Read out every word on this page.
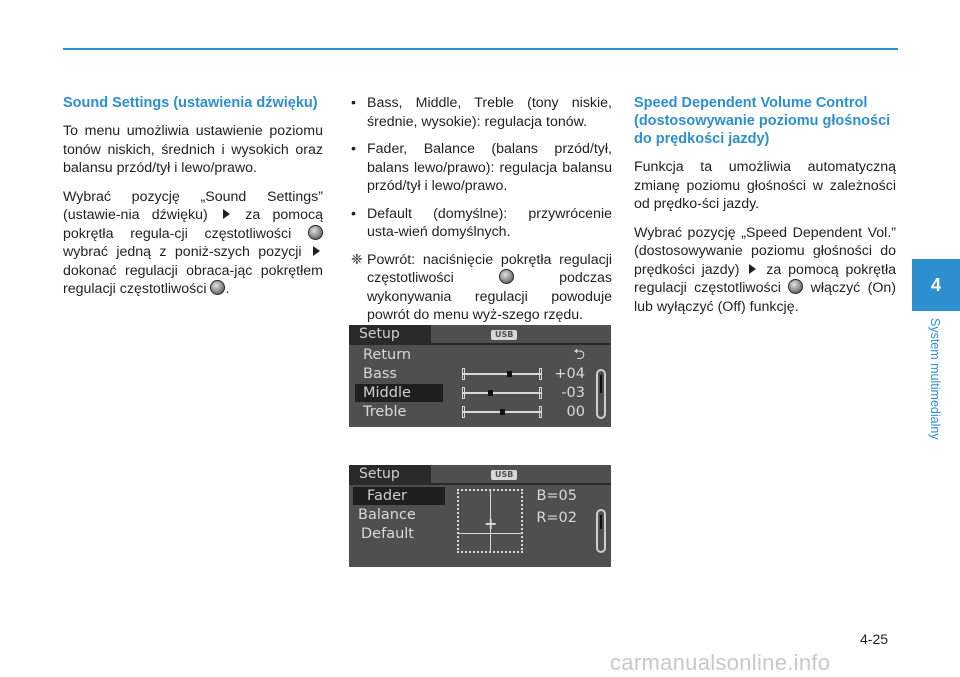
Sound Settings (ustawienia dźwięku)

To menu umożliwia ustawienie poziomu tonów niskich, średnich i wysokich oraz balansu przód/tył i lewo/prawo.

Wybrać pozycję „Sound Settings” (ustawie-nia dźwięku)	za pomocą pokrętła regula-cji częstotliwości  wybrać jedną z poniż-szych pozycji  dokonać regulacji obraca-jąc pokrętłem regulacji częstotliwości .

• Bass, Middle, Treble (tony niskie, średnie, wysokie): regulacja tonów.
• Fader, Balance (balans przód/tył, balans lewo/prawo): regulacja balansu przód/tył i lewo/prawo.
• Default (domyślne): przywrócenie usta-wień domyślnych.
❈ Powrót: naciśnięcie pokrętła regulacji częstotliwości	podczas wykonywania regulacji powoduje powrót do menu wyż-szego rzędu.
Setup	USB
Return	⮌
Bass	+04
Middle	-03
Treble	00
Setup	USB
Fader
Balance
Default
+
B=05
R=02
Speed Dependent Volume Control (dostosowywanie poziomu głośności do prędkości jazdy)

Funkcja ta umożliwia automatyczną zmianę poziomu głośności w zależności od prędko-ści jazdy.

Wybrać pozycję „Speed Dependent Vol.” (dostosowywanie poziomu głośności do prędkości jazdy) za pomocą pokrętła regulacji częstotliwości włączyć (On) lub wyłączyć (Off) funkcję.

4
System multimedialny
4-25
carmanualsonline.info
